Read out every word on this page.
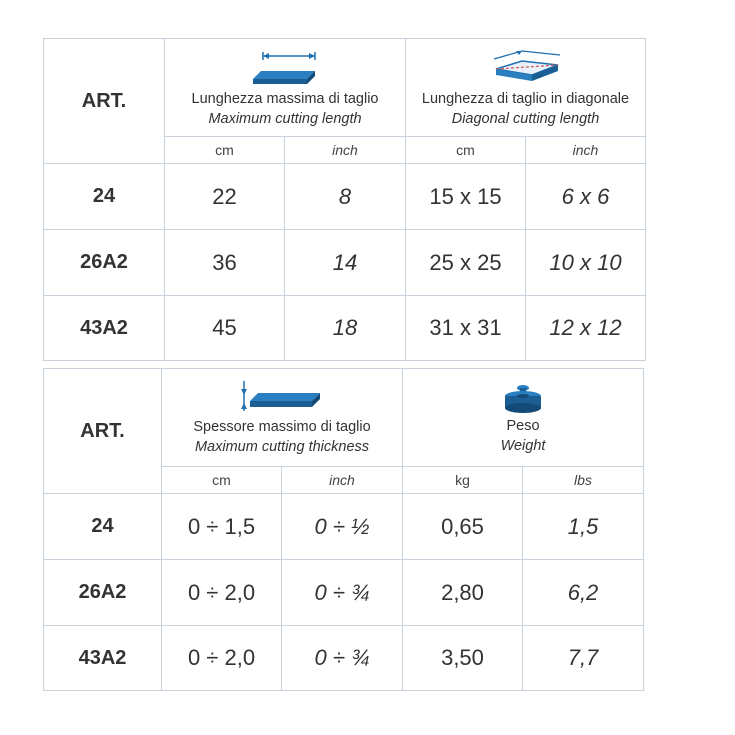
ART.	Lunghezza massima di taglio
Maximum cutting length		Lunghezza di taglio in diagonale
Diagonal cutting length	

	cm	inch	cm	inch
24	22	8	15 x 15	6 x 6
26A2	36	14	25 x 25	10 x 10
43A2	45	18	31 x 31	12 x 12
ART.	Spessore massimo di taglio
Maximum cutting thickness		Peso
Weight	

	cm	inch	kg	lbs
24	0 ÷ 1,5	0 ÷ ½	0,65	1,5
26A2	0 ÷ 2,0	0 ÷ ¾	2,80	6,2
43A2	0 ÷ 2,0	0 ÷ ¾	3,50	7,7
